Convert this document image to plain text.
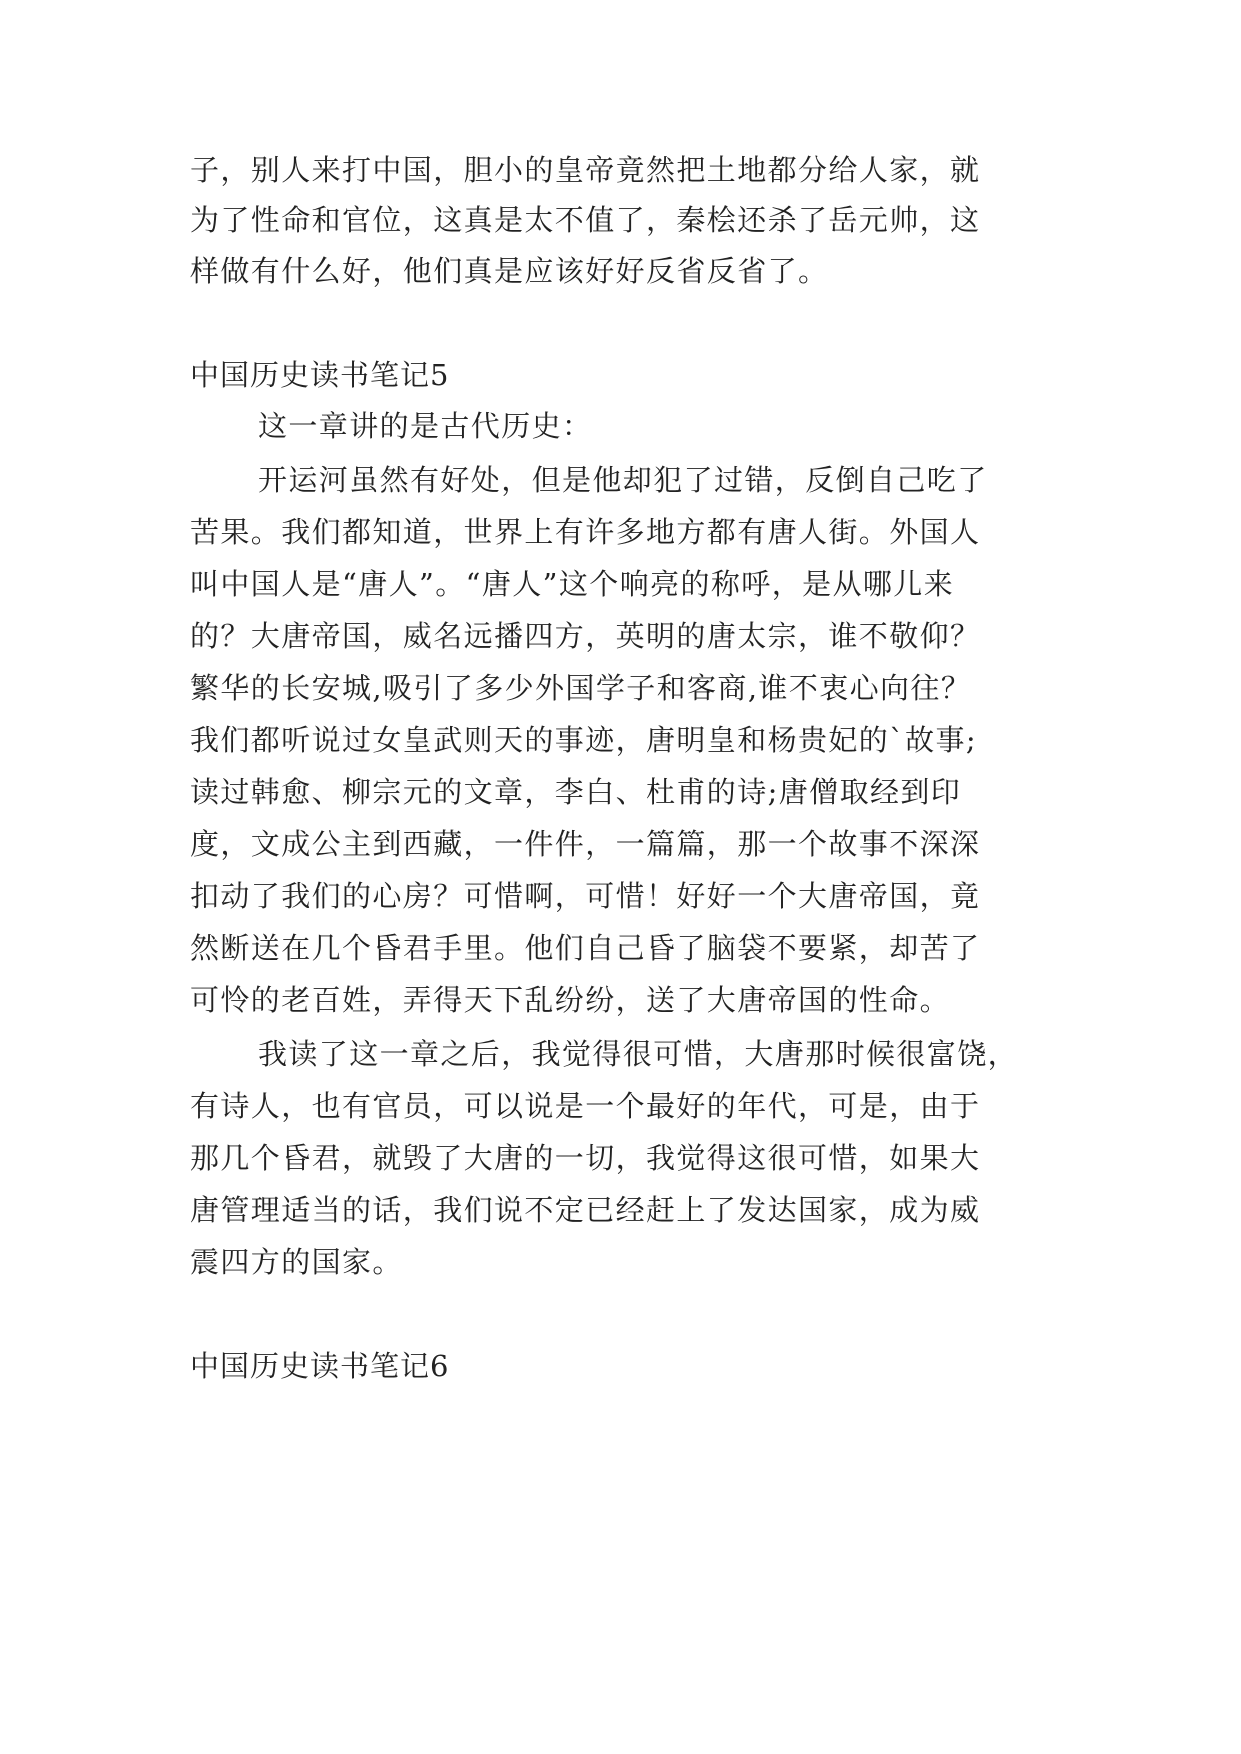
子，别人来打中国，胆小的皇帝竟然把土地都分给人家，就
为了性命和官位，这真是太不值了，秦桧还杀了岳元帅，这
样做有什么好，他们真是应该好好反省反省了。
中国历史读书笔记5
这一章讲的是古代历史：
开运河虽然有好处，但是他却犯了过错，反倒自己吃了
苦果。我们都知道，世界上有许多地方都有唐人街。外国人
叫中国人是“唐人”。“唐人”这个响亮的称呼，是从哪儿来
的？大唐帝国，威名远播四方，英明的唐太宗，谁不敬仰？
繁华的长安城,吸引了多少外国学子和客商,谁不衷心向往？
我们都听说过女皇武则天的事迹，唐明皇和杨贵妃的`故事;
读过韩愈、柳宗元的文章，李白、杜甫的诗;唐僧取经到印
度，文成公主到西藏，一件件，一篇篇，那一个故事不深深
扣动了我们的心房？可惜啊，可惜！好好一个大唐帝国，竟
然断送在几个昏君手里。他们自己昏了脑袋不要紧，却苦了
可怜的老百姓，弄得天下乱纷纷，送了大唐帝国的性命。
我读了这一章之后，我觉得很可惜，大唐那时候很富饶，
有诗人，也有官员，可以说是一个最好的年代，可是，由于
那几个昏君，就毁了大唐的一切，我觉得这很可惜，如果大
唐管理适当的话，我们说不定已经赶上了发达国家，成为威
震四方的国家。
中国历史读书笔记6
